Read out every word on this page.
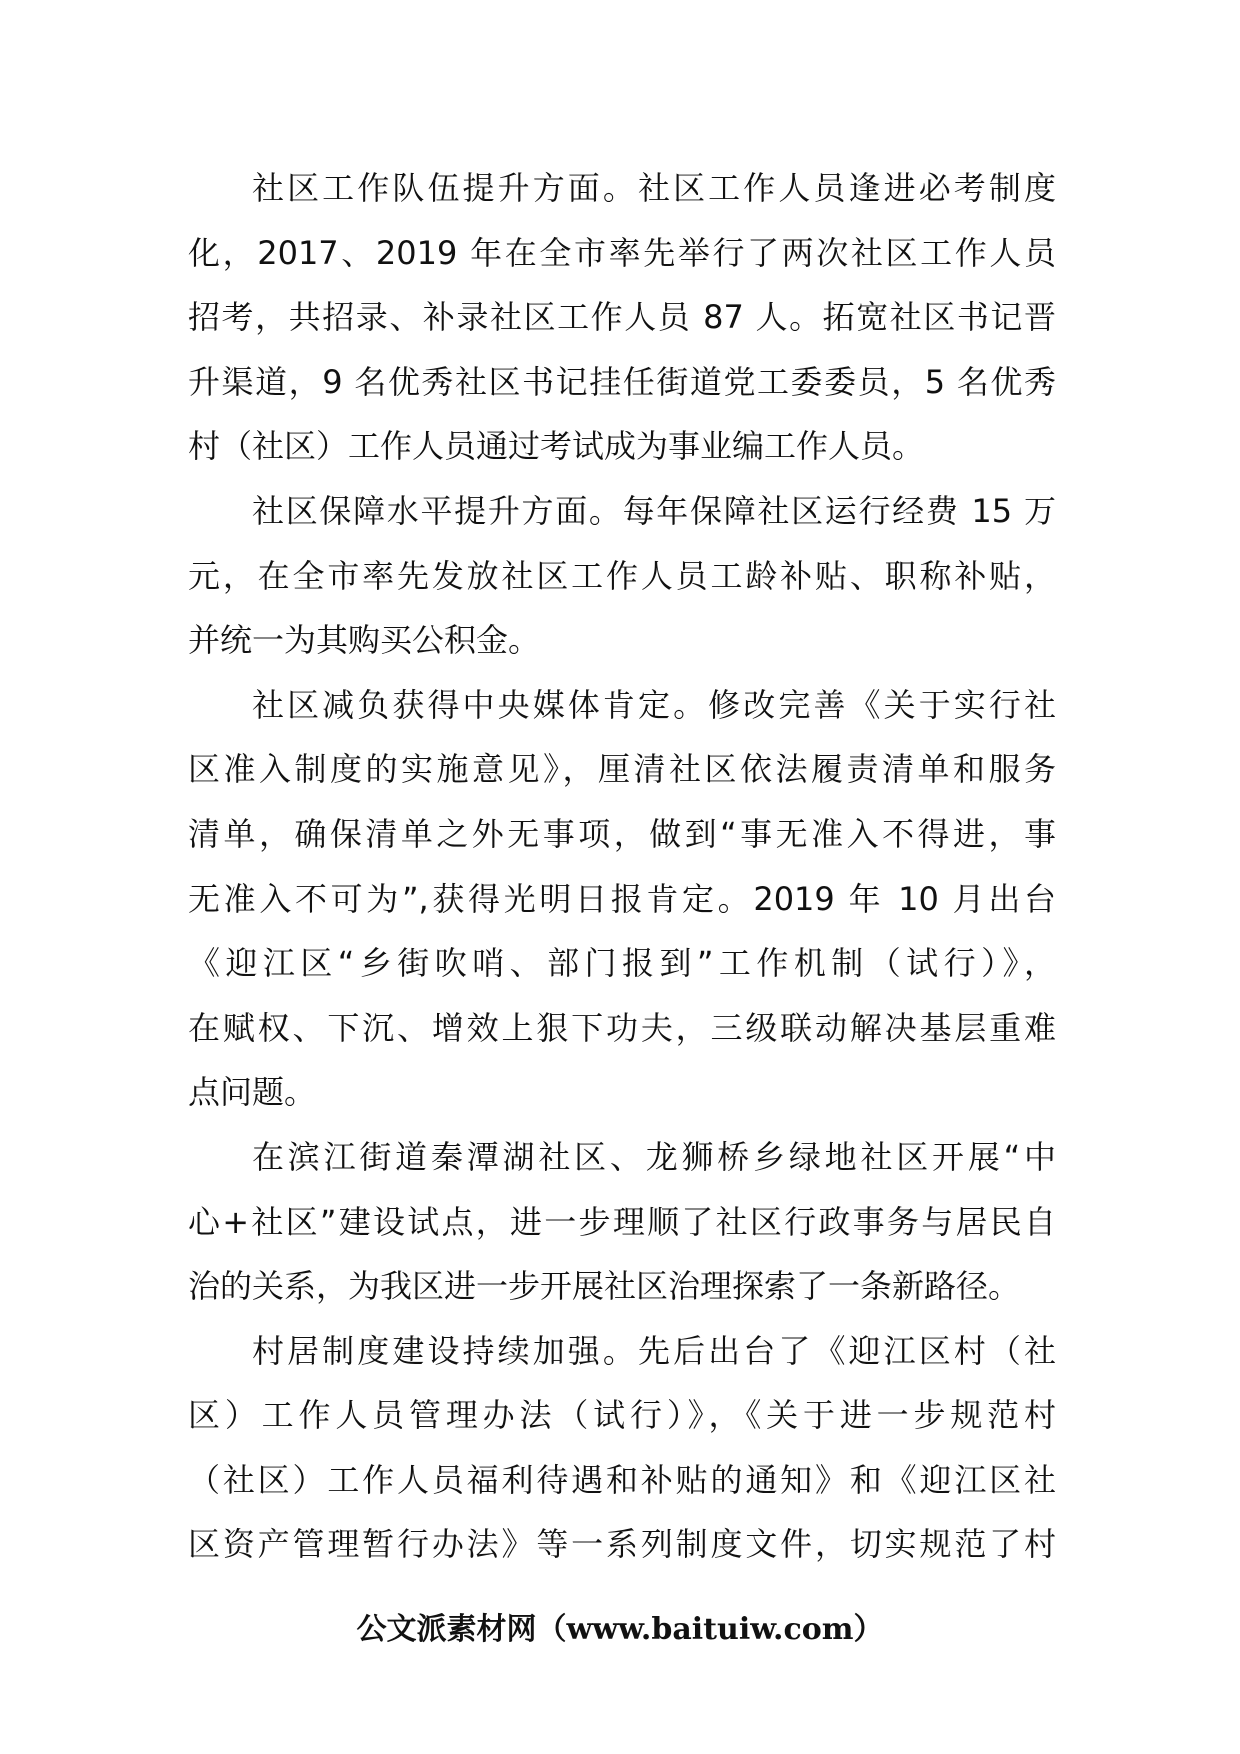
社区工作队伍提升方面。社区工作人员逢进必考制度
化，2017、2019 年在全市率先举行了两次社区工作人员
招考，共招录、补录社区工作人员 87 人。拓宽社区书记晋
升渠道，9 名优秀社区书记挂任街道党工委委员，5 名优秀
村（社区）工作人员通过考试成为事业编工作人员。

社区保障水平提升方面。每年保障社区运行经费 15 万
元，在全市率先发放社区工作人员工龄补贴、职称补贴，
并统一为其购买公积金。

社区减负获得中央媒体肯定。修改完善《关于实行社
区准入制度的实施意见》，厘清社区依法履责清单和服务
清单，确保清单之外无事项，做到“事无准入不得进，事
无准入不可为”,获得光明日报肯定。2019 年 10 月出台
《迎江区“乡街吹哨、部门报到”工作机制（试行）》，
在赋权、下沉、增效上狠下功夫，三级联动解决基层重难
点问题。

在滨江街道秦潭湖社区、龙狮桥乡绿地社区开展“中
心+社区”建设试点，进一步理顺了社区行政事务与居民自
治的关系，为我区进一步开展社区治理探索了一条新路径。

村居制度建设持续加强。先后出台了《迎江区村（社
区）工作人员管理办法（试行）》，《关于进一步规范村
（社区）工作人员福利待遇和补贴的通知》和《迎江区社
区资产管理暂行办法》等一系列制度文件，切实规范了村

公文派素材网（www.baituiw.com）
